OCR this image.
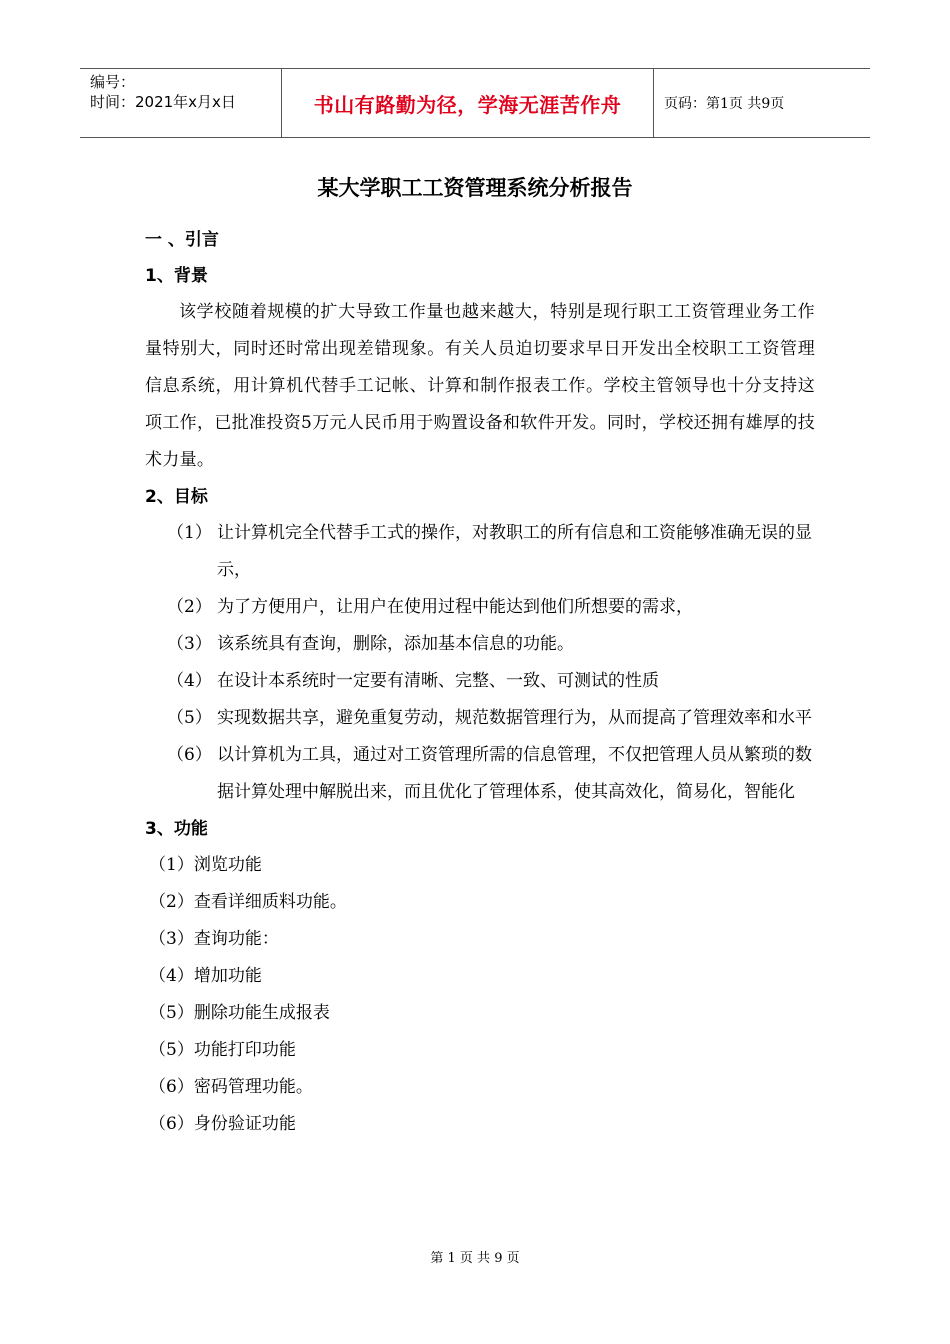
编号：
时间：2021年x月x日	书山有路勤为径，学海无涯苦作舟	页码：第1页 共9页
某大学职工工资管理系统分析报告
一 、引言
1、背景

该学校随着规模的扩大导致工作量也越来越大，特别是现行职工工资管理业务工作量特别大，同时还时常出现差错现象。有关人员迫切要求早日开发出全校职工工资管理信息系统，用计算机代替手工记帐、计算和制作报表工作。学校主管领导也十分支持这项工作，已批准投资5万元人民币用于购置设备和软件开发。同时，学校还拥有雄厚的技术力量。

2、目标
（1） 让计算机完全代替手工式的操作，对教职工的所有信息和工资能够准确无误的显示，
（2） 为了方便用户，让用户在使用过程中能达到他们所想要的需求，
（3） 该系统具有查询，删除，添加基本信息的功能。
（4） 在设计本系统时一定要有清晰、完整、一致、可测试的性质
（5） 实现数据共享，避免重复劳动，规范数据管理行为，从而提高了管理效率和水平
（6） 以计算机为工具，通过对工资管理所需的信息管理，不仅把管理人员从繁琐的数据计算处理中解脱出来，而且优化了管理体系，使其高效化，简易化，智能化
3、功能
（1）浏览功能
（2）查看详细质料功能。
（3）查询功能：
（4）增加功能
（5）删除功能生成报表
（5）功能打印功能
（6）密码管理功能。
（6）身份验证功能
第 1 页 共 9 页
